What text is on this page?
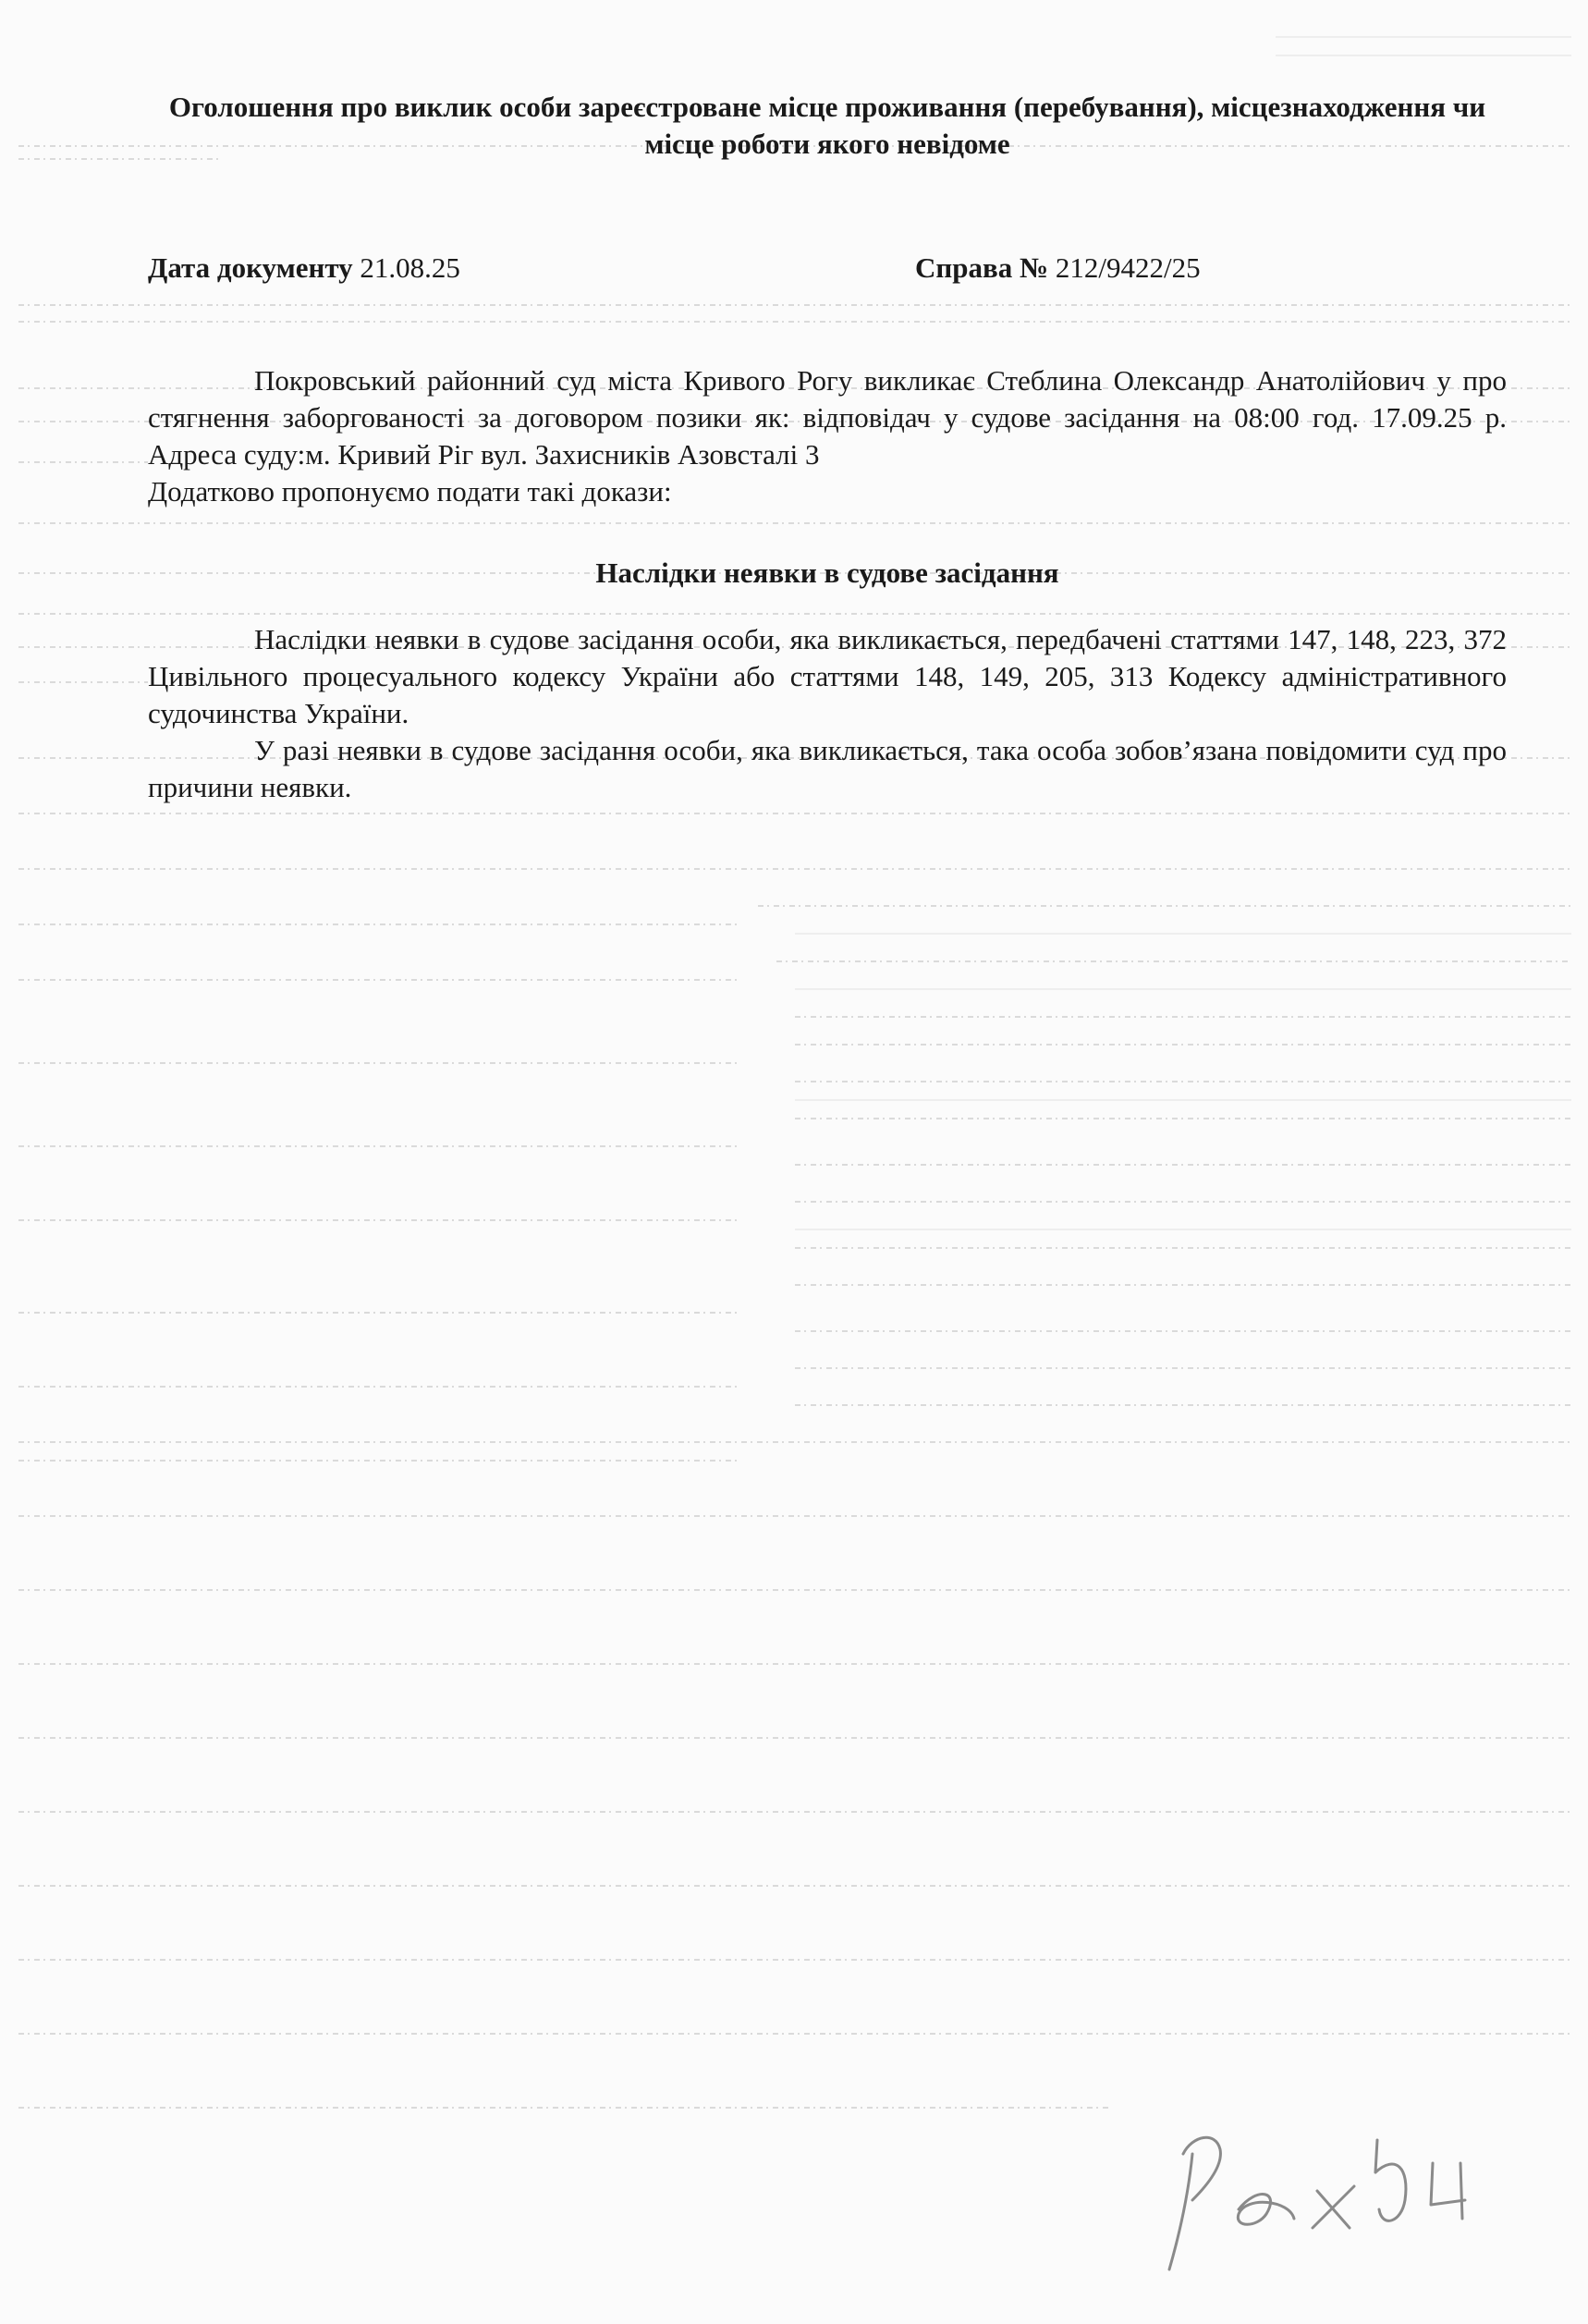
Оголошення про виклик особи зареєстроване місце проживання (перебування), місцезнаходження чи місце роботи якого невідоме
Дата документу 21.08.25	Справа № 212/9422/25

Покровський районний суд міста Кривого Рогу викликає Стеблина Олександр Анатолійович у про стягнення заборгованості за договором позики як: відповідач у судове засідання на 08:00 год. 17.09.25 р. Адреса суду:м. Кривий Ріг вул. Захисників Азовсталі 3

Додатково пропонуємо подати такі докази:

Наслідки неявки в судове засідання

Наслідки неявки в судове засідання особи, яка викликається, передбачені статтями 147, 148, 223, 372 Цивільного процесуального кодексу України або статтями 148, 149, 205, 313 Кодексу адміністративного судочинства України.

У разі неявки в судове засідання особи, яка викликається, така особа зобов’язана повідомити суд про причини неявки.
